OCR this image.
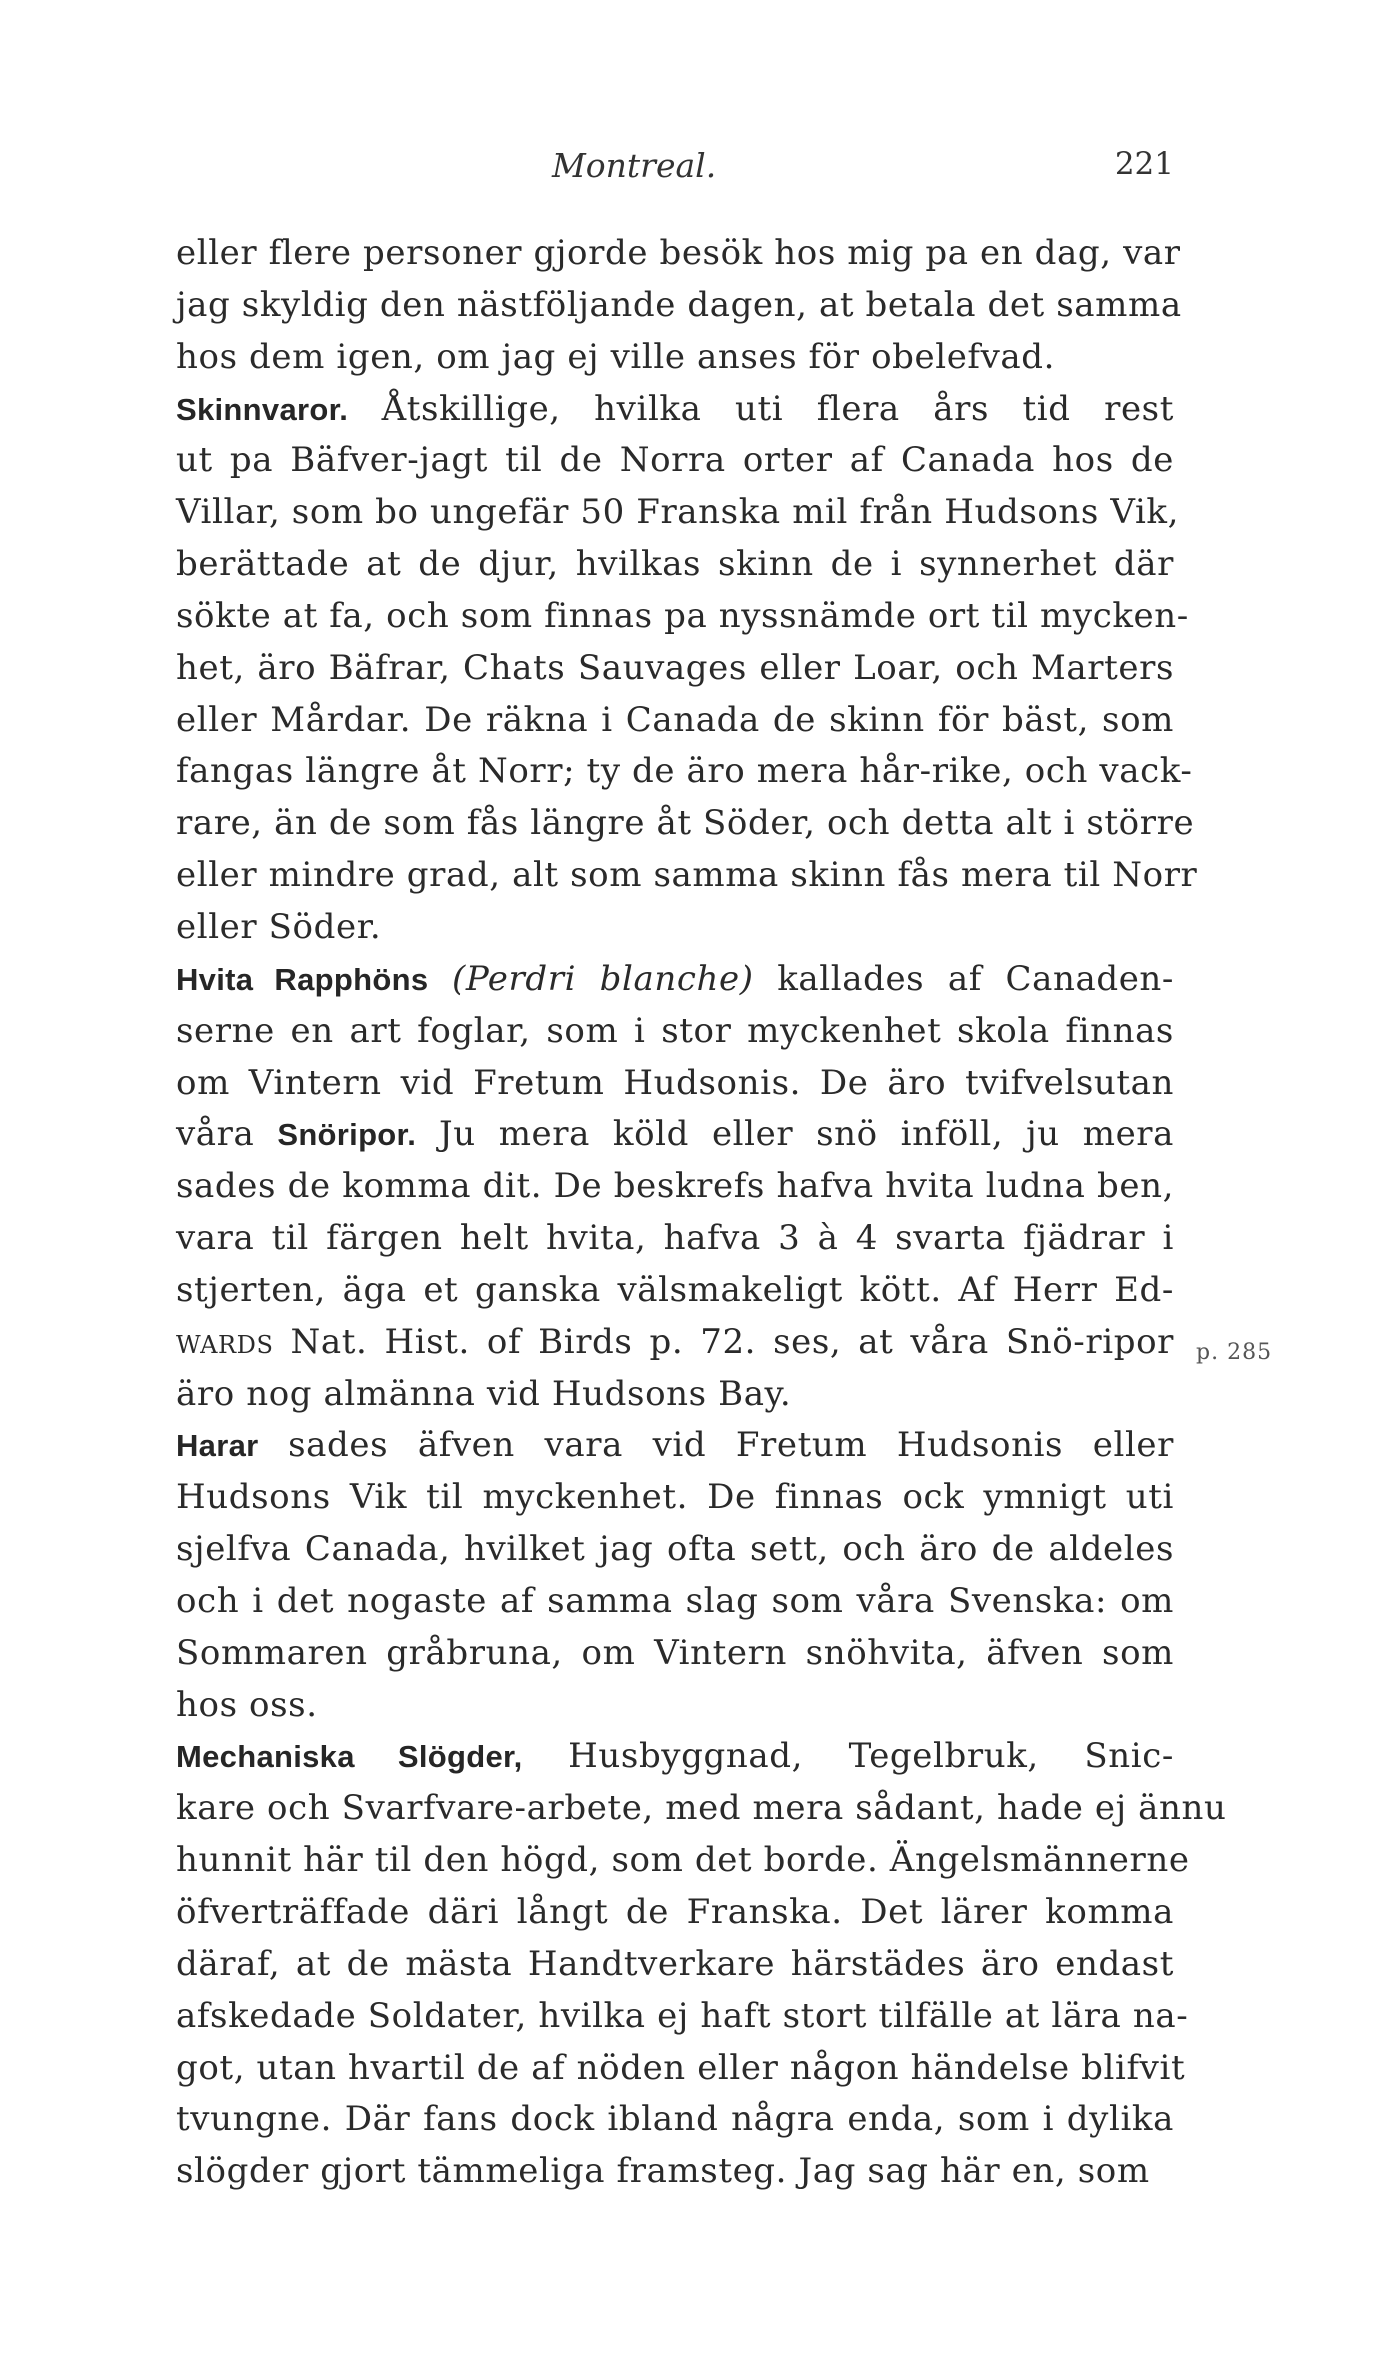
Montreal.	221
eller flere personer gjorde besök hos mig pa en dag, var
jag skyldig den nästföljande dagen, at betala det samma
hos dem igen, om jag ej ville anses för obelefvad.
Skinnvaror. Åtskillige, hvilka uti flera års tid rest
ut pa Bäfver-jagt til de Norra orter af Canada hos de
Villar, som bo ungefär 50 Franska mil från Hudsons Vik,
berättade at de djur, hvilkas skinn de i synnerhet där
sökte at fa, och som finnas pa nyssnämde ort til mycken-
het, äro Bäfrar, Chats Sauvages eller Loar, och Marters
eller Mårdar. De räkna i Canada de skinn för bäst, som
fangas längre åt Norr; ty de äro mera hår-rike, och vack-
rare, än de som fås längre åt Söder, och detta alt i större
eller mindre grad, alt som samma skinn fås mera til Norr
eller Söder.
Hvita Rapphöns (Perdri blanche) kallades af Canaden-
serne en art foglar, som i stor myckenhet skola finnas
om Vintern vid Fretum Hudsonis. De äro tvifvelsutan
våra Snöripor. Ju mera köld eller snö inföll, ju mera
sades de komma dit. De beskrefs hafva hvita ludna ben,
vara til färgen helt hvita, hafva 3 à 4 svarta fjädrar i
stjerten, äga et ganska välsmakeligt kött. Af Herr Ed-
wards Nat. Hist. of Birds p. 72. ses, at våra Snö-ripor
äro nog almänna vid Hudsons Bay.
Harar sades äfven vara vid Fretum Hudsonis eller
Hudsons Vik til myckenhet. De finnas ock ymnigt uti
sjelfva Canada, hvilket jag ofta sett, och äro de aldeles
och i det nogaste af samma slag som våra Svenska: om
Sommaren gråbruna, om Vintern snöhvita, äfven som
hos oss.
Mechaniska Slögder, Husbyggnad, Tegelbruk, Snic-
kare och Svarfvare-arbete, med mera sådant, hade ej ännu
hunnit här til den högd, som det borde. Ängelsmännerne
öfverträffade däri långt de Franska. Det lärer komma
däraf, at de mästa Handtverkare härstädes äro endast
afskedade Soldater, hvilka ej haft stort tilfälle at lära na-
got, utan hvartil de af nöden eller någon händelse blifvit
tvungne. Där fans dock ibland några enda, som i dylika
slögder gjort tämmeliga framsteg. Jag sag här en, som
p. 285
